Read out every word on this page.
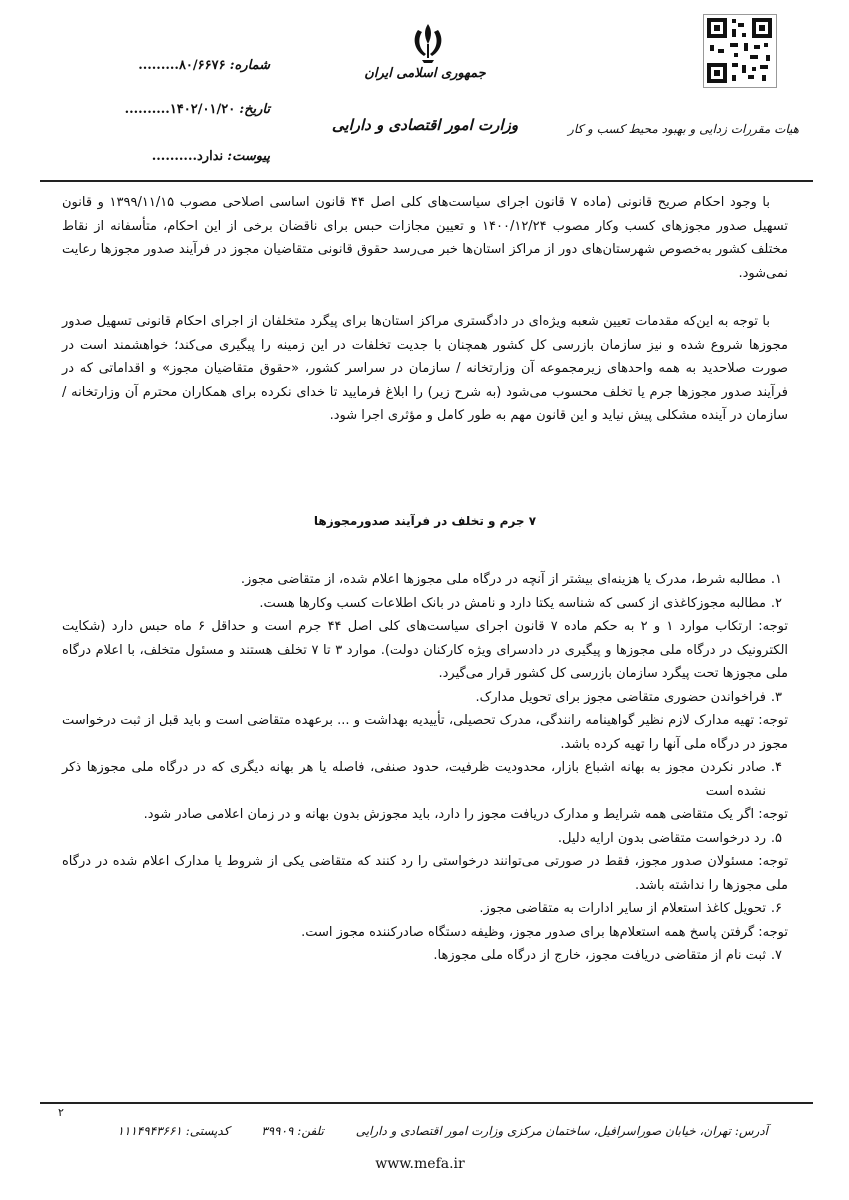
هیات مقررات زدایی و بهبود محیط کسب و کار
جمهوری اسلامی ایران
وزارت امور اقتصادی و دارایی
شماره: ۸۰/۶۶۷۶.........
تاریخ: ۱۴۰۲/۰۱/۲۰..........
پیوست: ندارد..........
با وجود احکام صریح قانونی (ماده ۷ قانون اجرای سیاست‌های کلی اصل ۴۴ قانون اساسی اصلاحی مصوب ۱۳۹۹/۱۱/۱۵ و قانون تسهیل صدور مجوزهای کسب وکار مصوب ۱۴۰۰/۱۲/۲۴ و تعیین مجازات حبس برای ناقضان برخی از این احکام، متأسفانه از نقاط مختلف کشور به‌خصوص شهرستان‌های دور از مراکز استان‌ها خبر می‌رسد حقوق قانونی متقاضیان مجوز در فرآیند صدور مجوزها رعایت نمی‌شود.
با توجه به این‌که مقدمات تعیین شعبه ویژه‌ای در دادگستری مراکز استان‌ها برای پیگرد متخلفان از اجرای احکام قانونی تسهیل صدور مجوزها شروع شده و نیز سازمان بازرسی کل کشور همچنان با جدیت تخلفات در این زمینه را پیگیری می‌کند؛ خواهشمند است در صورت صلاحدید به همه واحدهای زیرمجموعه آن وزارتخانه / سازمان در سراسر کشور، «حقوق متقاضیان مجوز» و اقداماتی که در فرآیند صدور مجوزها جرم یا تخلف محسوب می‌شود (به شرح زیر) را ابلاغ فرمایید تا خدای نکرده برای همکاران محترم آن وزارتخانه / سازمان در آینده مشکلی پیش نیاید و این قانون مهم به طور کامل و مؤثری اجرا شود.
۷ جرم و تخلف در فرآیند صدورمجوزها

۱.
مطالبه شرط، مدرک یا هزینه‌ای بیشتر از آنچه در درگاه ملی مجوزها اعلام شده، از متقاضی مجوز.

۲.
مطالبه مجوزکاغذی از کسی که شناسه یکتا دارد و نامش در بانک اطلاعات کسب وکارها هست.

توجه: ارتکاب موارد ۱ و ۲ به حکم ماده ۷ قانون اجرای سیاست‌های کلی اصل ۴۴ جرم است و حداقل ۶ ماه حبس دارد (شکایت الکترونیک در درگاه ملی مجوزها و پیگیری در دادسرای ویژه کارکنان دولت). موارد ۳ تا ۷ تخلف هستند و مسئول متخلف، با اعلام درگاه ملی مجوزها تحت پیگرد سازمان بازرسی کل کشور قرار می‌گیرد.

۳.
فراخواندن حضوری متقاضی مجوز برای تحویل مدارک.

توجه: تهیه مدارک لازم نظیر گواهینامه رانندگی، مدرک تحصیلی، تأییدیه بهداشت و ... برعهده متقاضی است و باید قبل از ثبت درخواست مجوز در درگاه ملی آنها را تهیه کرده باشد.

۴.
صادر نکردن مجوز به بهانه اشباع بازار، محدودیت ظرفیت، حدود صنفی، فاصله یا هر بهانه دیگری که در درگاه ملی مجوزها ذکر نشده است

توجه: اگر یک متقاضی همه شرایط و مدارک دریافت مجوز را دارد، باید مجوزش بدون بهانه و در زمان اعلامی صادر شود.

۵.
رد درخواست متقاضی بدون ارایه دلیل.

توجه: مسئولان صدور مجوز، فقط در صورتی می‌توانند درخواستی را رد کنند که متقاضی یکی از شروط یا مدارک اعلام شده در درگاه ملی مجوزها را نداشته باشد.

۶.
تحویل کاغذ استعلام از سایر ادارات به متقاضی مجوز.

توجه: گرفتن پاسخ همه استعلام‌ها برای صدور مجوز، وظیفه دستگاه صادرکننده مجوز است.

۷.
ثبت نام از متقاضی دریافت مجوز، خارج از درگاه ملی مجوزها.

۲
آدرس: تهران، خیابان صوراسرافیل، ساختمان مرکزی وزارت امور اقتصادی و دارایی تلفن: ۳۹۹۰۹ کدپستی: ۱۱۱۴۹۴۳۶۶۱
www.mefa.ir
